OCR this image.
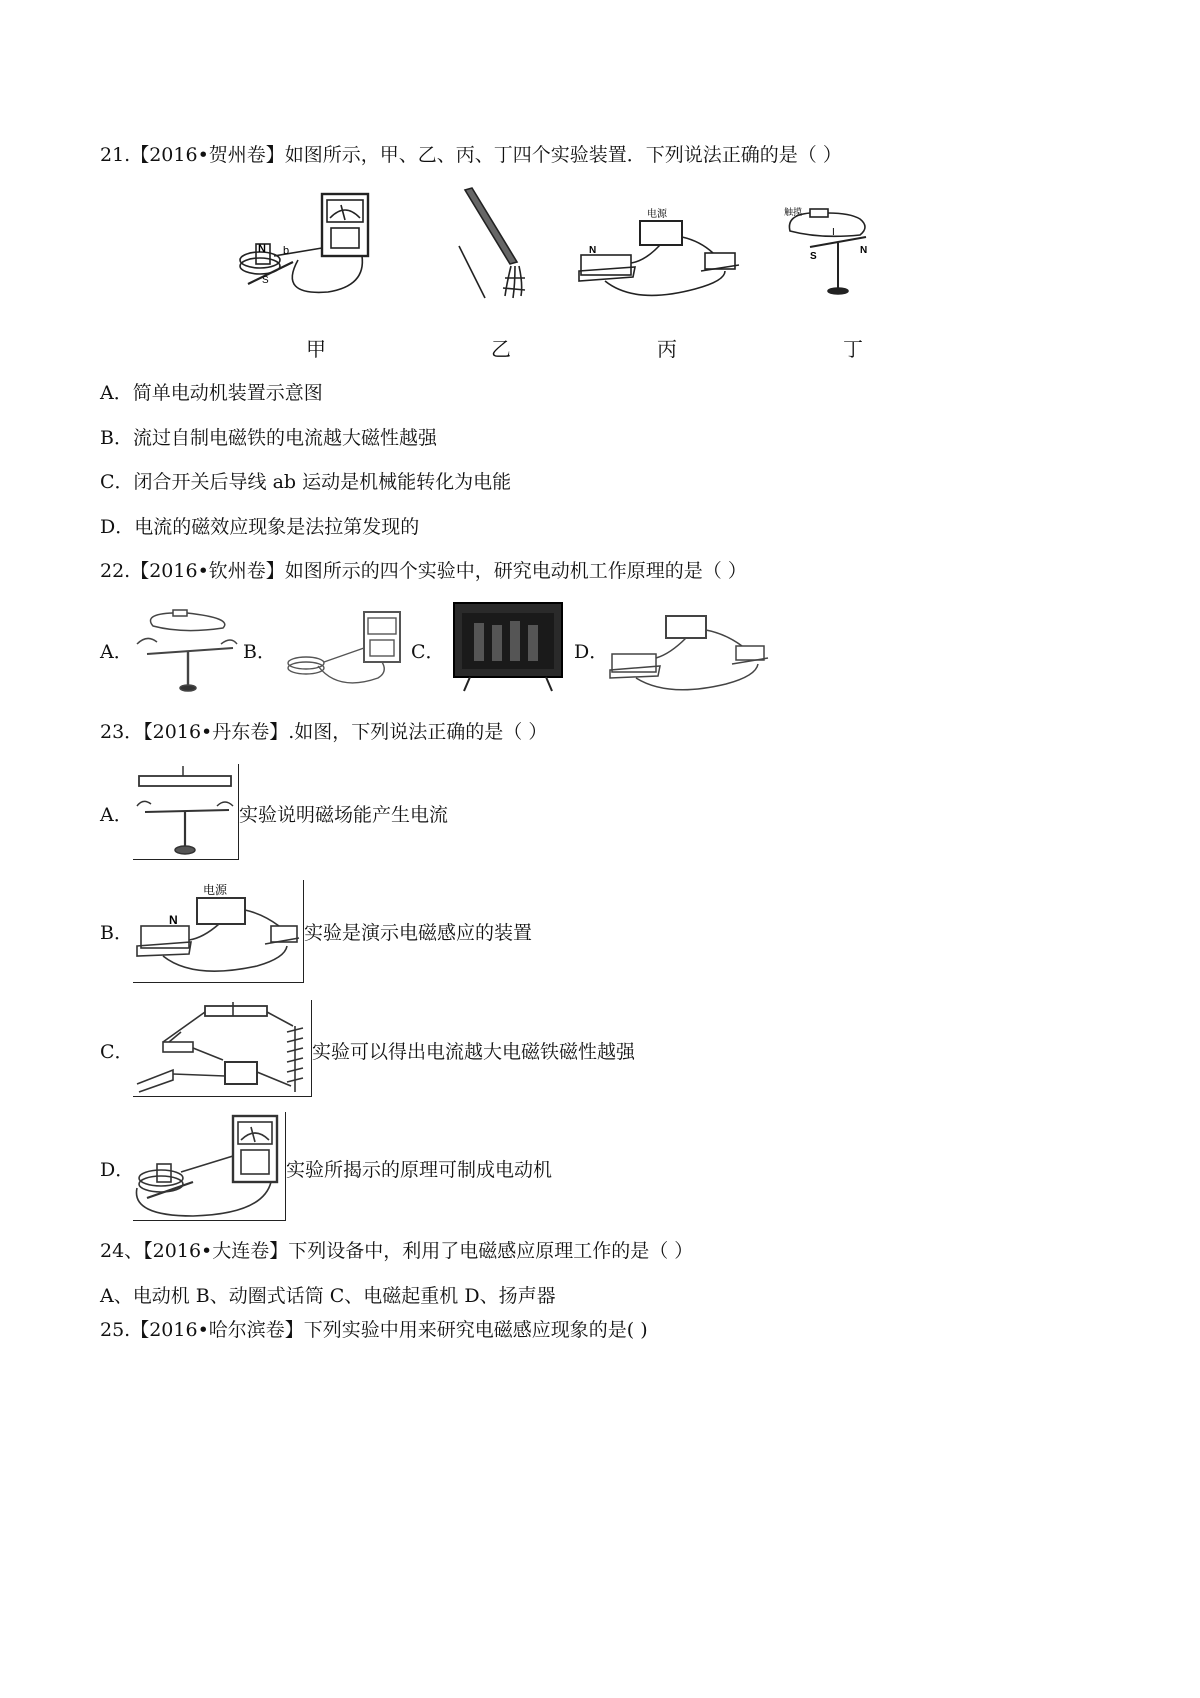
21.【2016•贺州卷】如图所示，甲、乙、丙、丁四个实验装置．下列说法正确的是（ ）
N b
S
电源
N
触摸
I
S
N
甲	乙	丙	丁
A．简单电动机装置示意图
B．流过自制电磁铁的电流越大磁性越强
C．闭合开关后导线 ab 运动是机械能转化为电能
D．电流的磁效应现象是法拉第发现的
22.【2016•钦州卷】如图所示的四个实验中，研究电动机工作原理的是（ ）
A．	B．	C．	D．
23．【2016•丹东卷】.如图，下列说法正确的是（ ）
A．	实验说明磁场能产生电流
B．
电源
N
实验是演示电磁感应的装置
C．	实验可以得出电流越大电磁铁磁性越强
D．	实验所揭示的原理可制成电动机
24、【2016•大连卷】下列设备中，利用了电磁感应原理工作的是（ ）
A、电动机 B、动圈式话筒 C、电磁起重机 D、扬声器
25.【2016•哈尔滨卷】下列实验中用来研究电磁感应现象的是( )
